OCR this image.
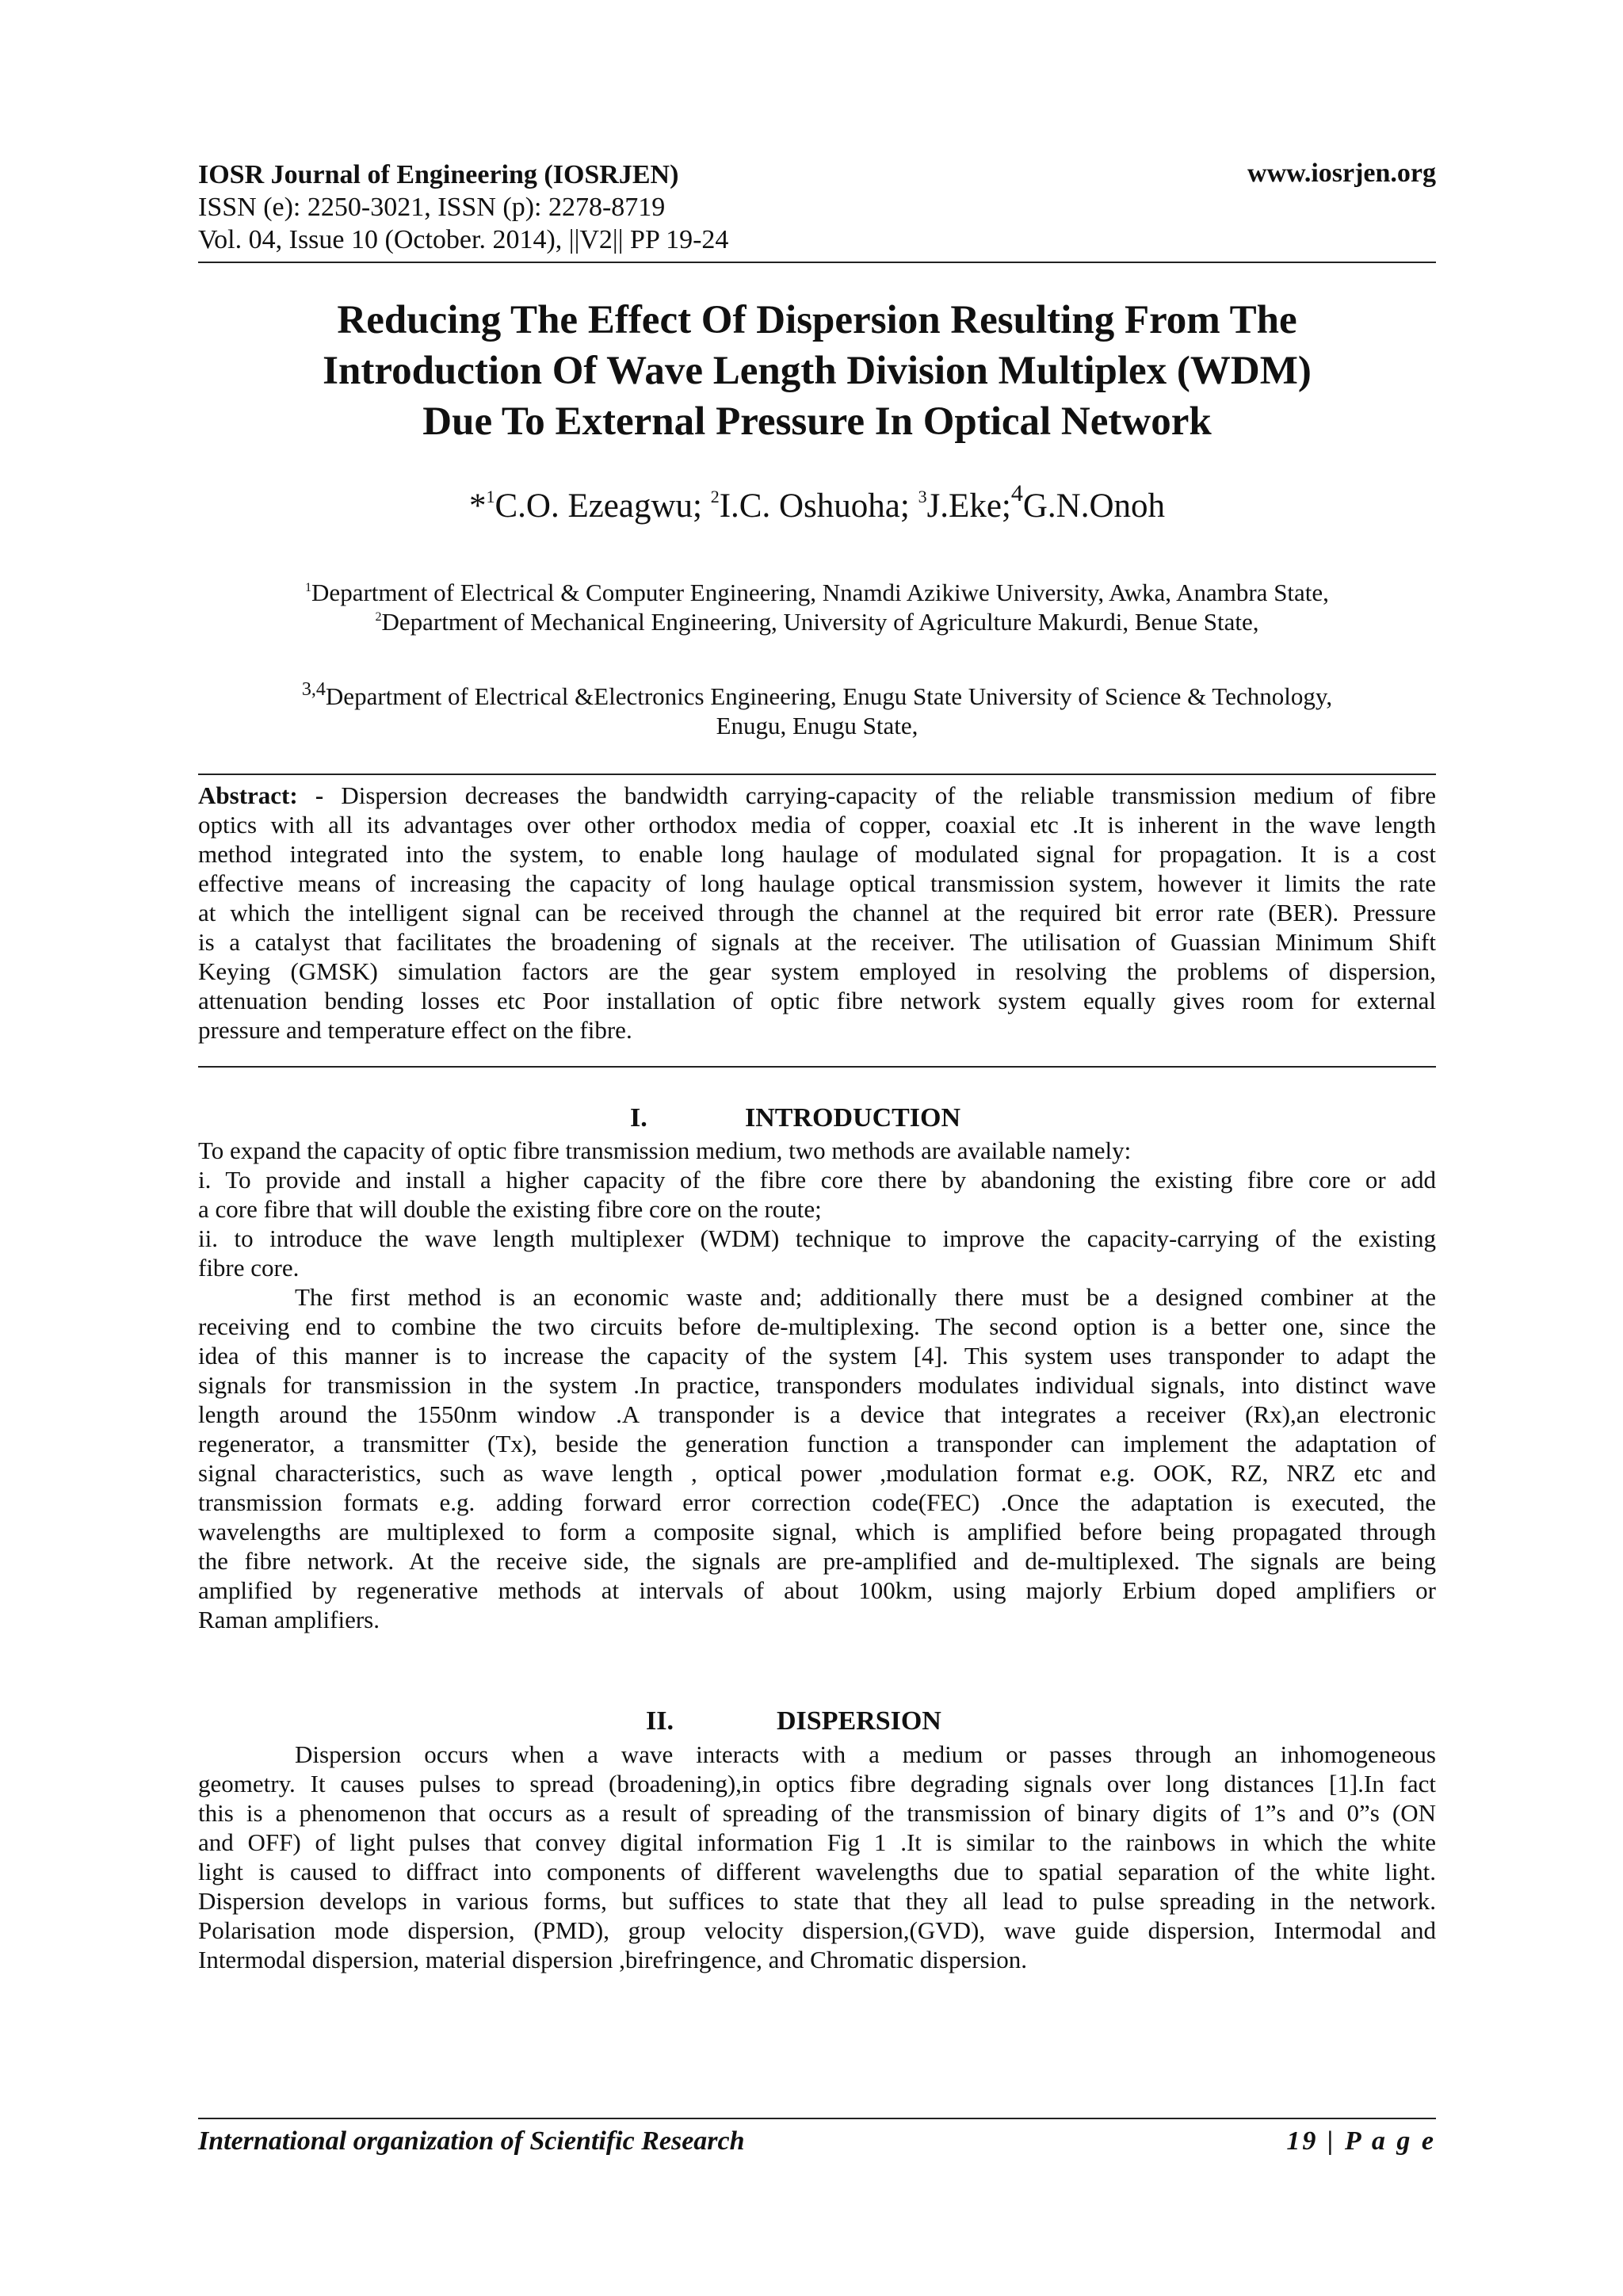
IOSR Journal of Engineering (IOSRJEN)	www.iosrjen.org
ISSN (e): 2250-3021, ISSN (p): 2278-8719
Vol. 04, Issue 10 (October. 2014), ||V2|| PP 19-24
Reducing The Effect Of Dispersion Resulting From The
Introduction Of Wave Length Division Multiplex (WDM)
Due To External Pressure In Optical Network
*$^1$C.O. Ezeagwu; $^2$I.C. Oshuoha; $^3$J.Eke;$^4$G.N.Onoh
$^1$Department of Electrical & Computer Engineering, Nnamdi Azikiwe University, Awka, Anambra State,
$^2$Department of Mechanical Engineering, University of Agriculture Makurdi, Benue State,
$^{3,4}$Department of Electrical &Electronics Engineering, Enugu State University of Science & Technology,
Enugu, Enugu State,
Abstract: - Dispersion decreases the bandwidth carrying-capacity of the reliable transmission medium of fibre
optics with all its advantages over other orthodox media of copper, coaxial etc .It is inherent in the wave length
method integrated into the system, to enable long haulage of modulated signal for propagation. It is a cost
effective means of increasing the capacity of long haulage optical transmission system, however it limits the rate
at which the intelligent signal can be received through the channel at the required bit error rate (BER). Pressure
is a catalyst that facilitates the broadening of signals at the receiver. The utilisation of Guassian Minimum Shift
Keying (GMSK) simulation factors are the gear system employed in resolving the problems of dispersion,
attenuation bending losses etc Poor installation of optic fibre network system equally gives room for external
pressure and temperature effect on the fibre.
I.	INTRODUCTION
To expand the capacity of optic fibre transmission medium, two methods are available namely:
i. To provide and install a higher capacity of the fibre core there by abandoning the existing fibre core or add
a core fibre that will double the existing fibre core on the route;
ii. to introduce the wave length multiplexer (WDM) technique to improve the capacity-carrying of the existing
fibre core.
The first method is an economic waste and; additionally there must be a designed combiner at the
receiving end to combine the two circuits before de-multiplexing. The second option is a better one, since the
idea of this manner is to increase the capacity of the system [4]. This system uses transponder to adapt the
signals for transmission in the system .In practice, transponders modulates individual signals, into distinct wave
length around the 1550nm window .A transponder is a device that integrates a receiver (Rx),an electronic
regenerator, a transmitter (Tx), beside the generation function a transponder can implement the adaptation of
signal characteristics, such as wave length , optical power ,modulation format e.g. OOK, RZ, NRZ etc and
transmission formats e.g. adding forward error correction code(FEC) .Once the adaptation is executed, the
wavelengths are multiplexed to form a composite signal, which is amplified before being propagated through
the fibre network. At the receive side, the signals are pre-amplified and de-multiplexed. The signals are being
amplified by regenerative methods at intervals of about 100km, using majorly Erbium doped amplifiers or
Raman amplifiers.
II.	DISPERSION
Dispersion occurs when a wave interacts with a medium or passes through an inhomogeneous
geometry. It causes pulses to spread (broadening),in optics fibre degrading signals over long distances [1].In fact
this is a phenomenon that occurs as a result of spreading of the transmission of binary digits of 1”s and 0”s (ON
and OFF) of light pulses that convey digital information Fig 1 .It is similar to the rainbows in which the white
light is caused to diffract into components of different wavelengths due to spatial separation of the white light.
Dispersion develops in various forms, but suffices to state that they all lead to pulse spreading in the network.
Polarisation mode dispersion, (PMD), group velocity dispersion,(GVD), wave guide dispersion, Intermodal and
Intermodal dispersion, material dispersion ,birefringence, and Chromatic dispersion.
International organization of Scientific Research	19 | P a g e
